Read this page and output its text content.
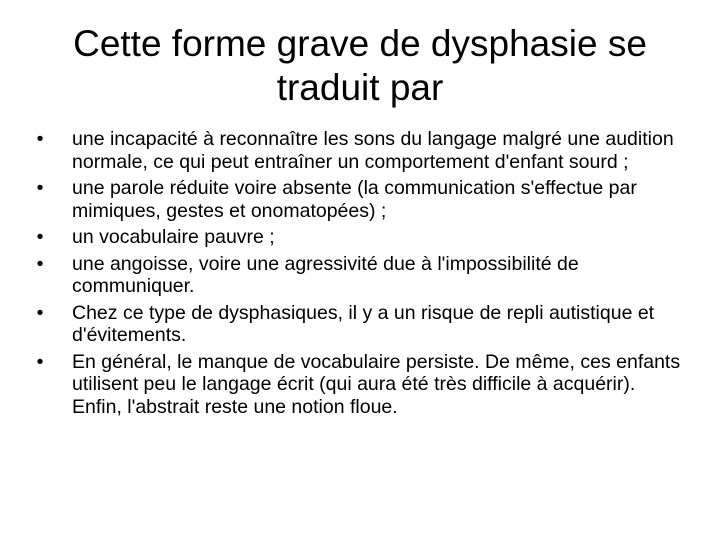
Cette forme grave de dysphasie se traduit par
•	une incapacité à reconnaître les sons du langage malgré une audition normale, ce qui peut entraîner un comportement d'enfant sourd ;
•	une parole réduite voire absente (la communication s'effectue par mimiques, gestes et onomatopées) ;
•	un vocabulaire pauvre ;
•	une angoisse, voire une agressivité due à l'impossibilité de communiquer.
•	Chez ce type de dysphasiques, il y a un risque de repli autistique et d'évitements.
•	En général, le manque de vocabulaire persiste. De même, ces enfants utilisent peu le langage écrit (qui aura été très difficile à acquérir). Enfin, l'abstrait reste une notion floue.
